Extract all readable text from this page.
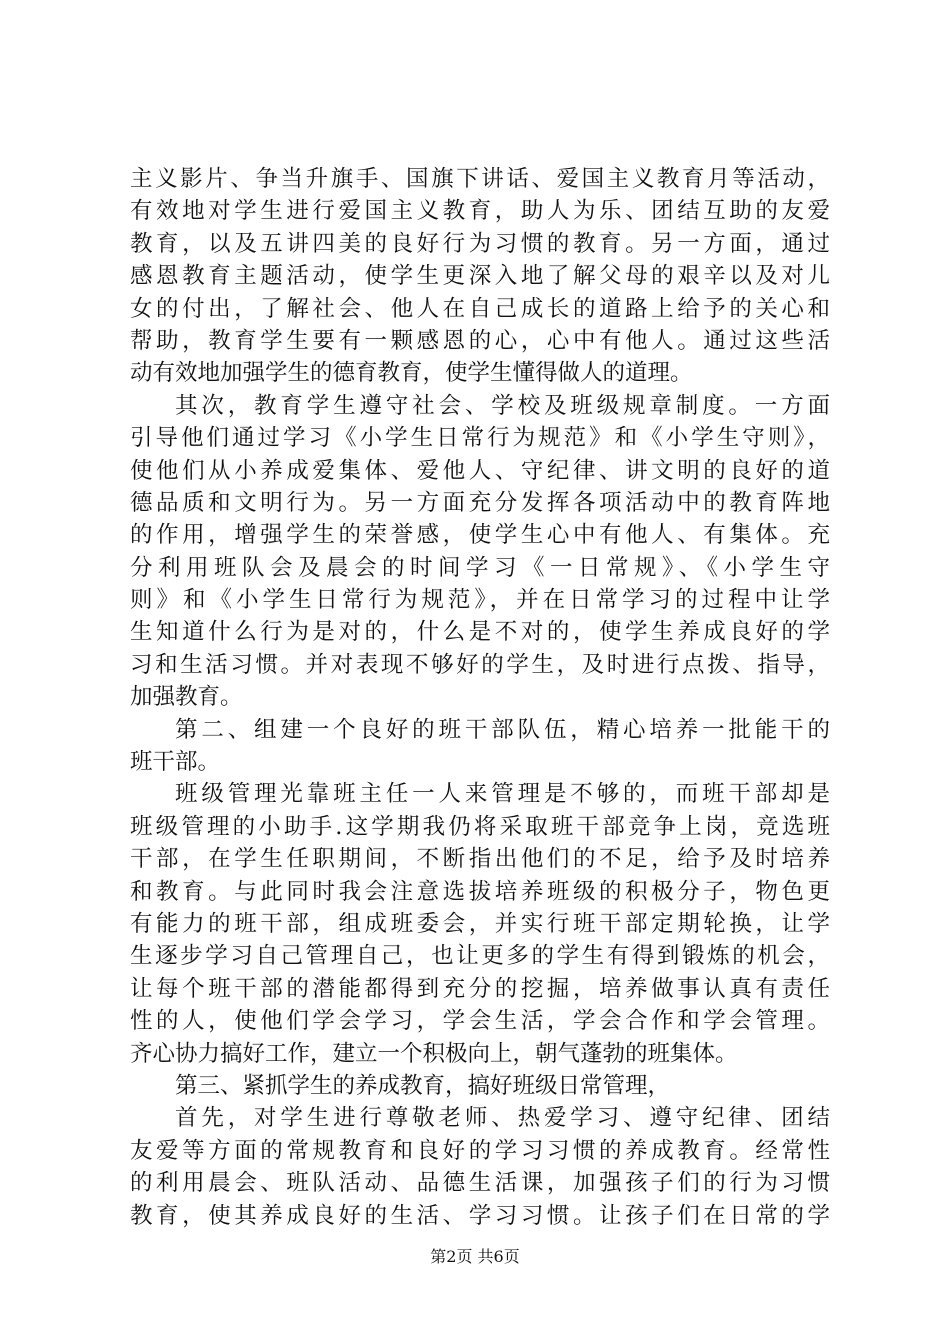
主义影片、争当升旗手、国旗下讲话、爱国主义教育月等活动，
有效地对学生进行爱国主义教育，助人为乐、团结互助的友爱
教育，以及五讲四美的良好行为习惯的教育。另一方面，通过
感恩教育主题活动，使学生更深入地了解父母的艰辛以及对儿
女的付出，了解社会、他人在自己成长的道路上给予的关心和
帮助，教育学生要有一颗感恩的心，心中有他人。通过这些活
动有效地加强学生的德育教育，使学生懂得做人的道理。
其次，教育学生遵守社会、学校及班级规章制度。一方面
引导他们通过学习《小学生日常行为规范》和《小学生守则》，
使他们从小养成爱集体、爱他人、守纪律、讲文明的良好的道
德品质和文明行为。另一方面充分发挥各项活动中的教育阵地
的作用，增强学生的荣誉感，使学生心中有他人、有集体。充
分利用班队会及晨会的时间学习《一日常规》、《小学生守
则》和《小学生日常行为规范》，并在日常学习的过程中让学
生知道什么行为是对的，什么是不对的，使学生养成良好的学
习和生活习惯。并对表现不够好的学生，及时进行点拨、指导，
加强教育。
第二、组建一个良好的班干部队伍，精心培养一批能干的
班干部。
班级管理光靠班主任一人来管理是不够的，而班干部却是
班级管理的小助手.这学期我仍将采取班干部竞争上岗，竞选班
干部，在学生任职期间，不断指出他们的不足，给予及时培养
和教育。与此同时我会注意选拔培养班级的积极分子，物色更
有能力的班干部，组成班委会，并实行班干部定期轮换，让学
生逐步学习自己管理自己，也让更多的学生有得到锻炼的机会，
让每个班干部的潜能都得到充分的挖掘，培养做事认真有责任
性的人，使他们学会学习，学会生活，学会合作和学会管理。
齐心协力搞好工作，建立一个积极向上，朝气蓬勃的班集体。
第三、紧抓学生的养成教育，搞好班级日常管理，
首先，对学生进行尊敬老师、热爱学习、遵守纪律、团结
友爱等方面的常规教育和良好的学习习惯的养成教育。经常性
的利用晨会、班队活动、品德生活课，加强孩子们的行为习惯
教育，使其养成良好的生活、学习习惯。让孩子们在日常的学
第2页 共6页
